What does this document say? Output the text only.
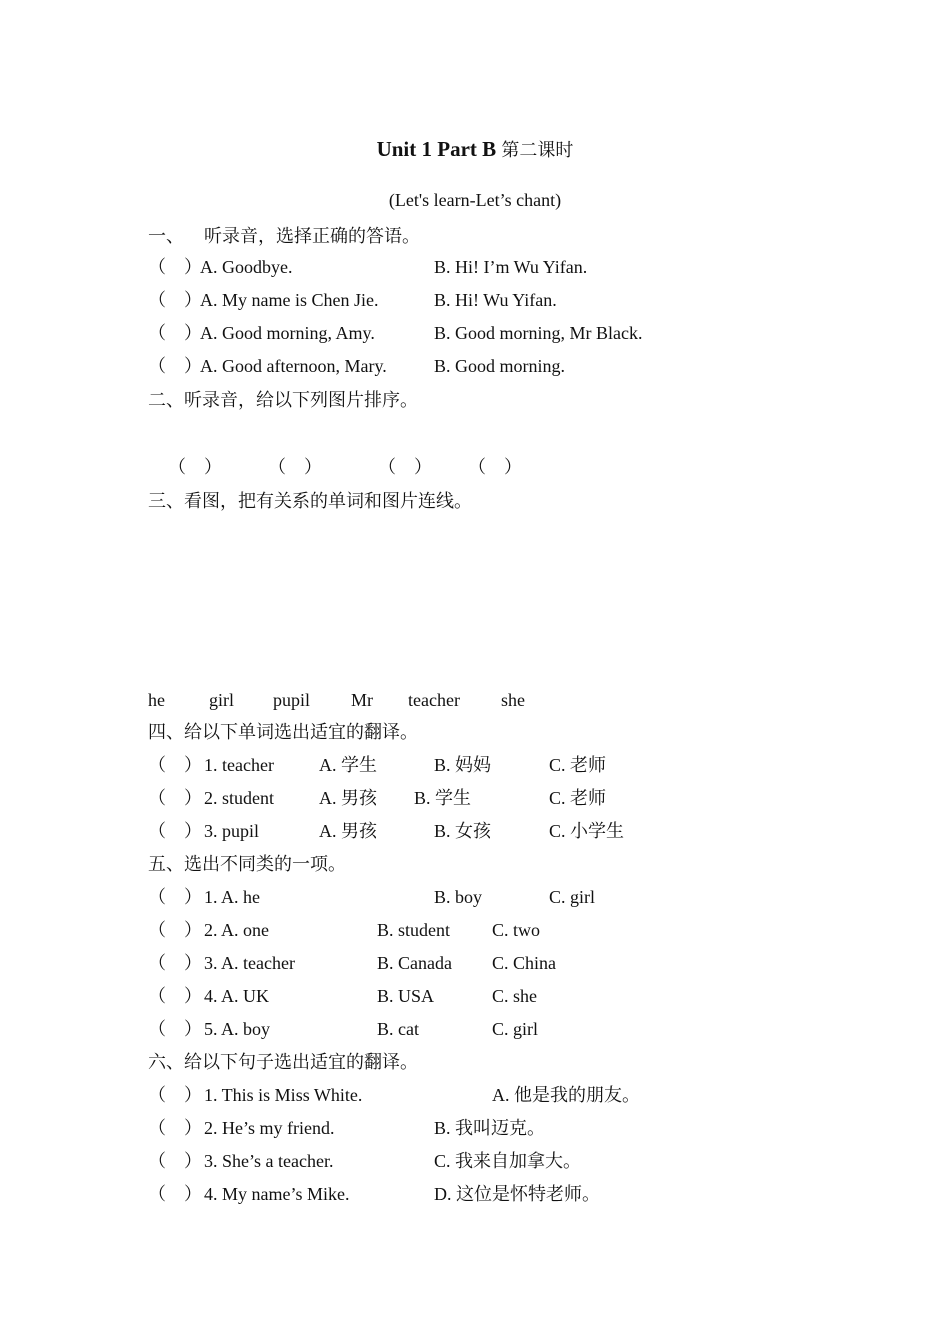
Unit 1 Part B 第二课时
(Let's learn-Let’s chant)
一、 听录音，选择正确的答语。
（　）
A. Goodbye.	B. Hi! I’m Wu Yifan.
（　）
A. My name is Chen Jie.	B. Hi! Wu Yifan.
（　）
A. Good morning, Amy.	B. Good morning, Mr Black.
（　）
A. Good afternoon, Mary.	B. Good morning.
二、听录音，给以下列图片排序。
（　）	（　）	（　） （　）
三、看图，把有关系的单词和图片连线。
he girl pupil Mr teacher she
四、给以下单词选出适宜的翻译。
（　） 1. teacher	A. 学生	B. 妈妈	C. 老师
（　） 2. student	A. 男孩 B. 学生	C. 老师
（　） 3. pupil	A. 男孩	B. 女孩	C. 小学生
五、选出不同类的一项。
（　） 1. A. he	B. boy	C. girl
（　） 2. A. one	B. student C. two
（　） 3. A. teacher	B. Canada C. China
（　） 4. A. UK	B. USA	C. she
（　） 5. A. boy	B. cat	C. girl
六、给以下句子选出适宜的翻译。
（　） 1. This is Miss White.	A. 他是我的朋友。
（　） 2. He’s my friend.	B. 我叫迈克。
（　） 3. She’s a teacher.	C. 我来自加拿大。
（　） 4. My name’s Mike.	D. 这位是怀特老师。
